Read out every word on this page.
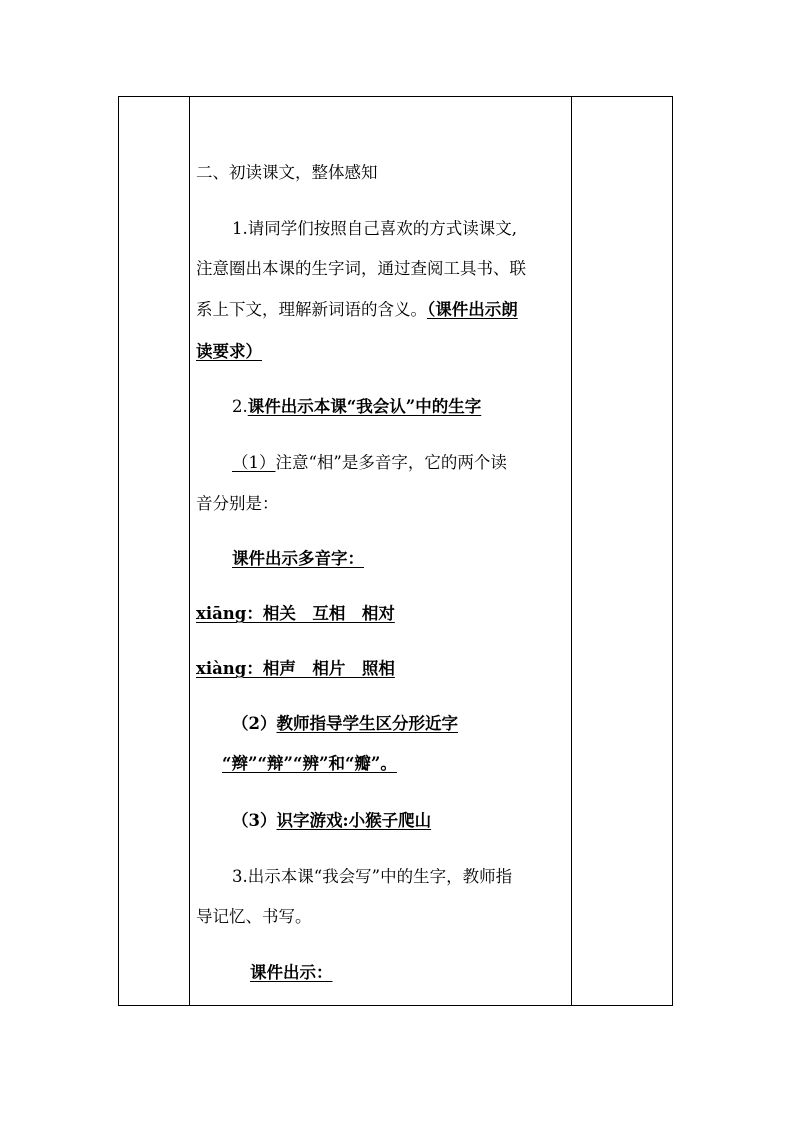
二、初读课文，整体感知
1.请同学们按照自己喜欢的方式读课文,
注意圈出本课的生字词，通过查阅工具书、联
系上下文，理解新词语的含义。（课件出示朗
读要求）
2.课件出示本课“我会认”中的生字
（1）注意“相”是多音字，它的两个读
音分别是：
课件出示多音字：
xiāng：相关　互相　相对
xiàng：相声　相片　照相
（2）教师指导学生区分形近字
“辫”“辩”“辨”和“瓣”。
（3）识字游戏:小猴子爬山
3.出示本课“我会写”中的生字，教师指
导记忆、书写。
课件出示：
